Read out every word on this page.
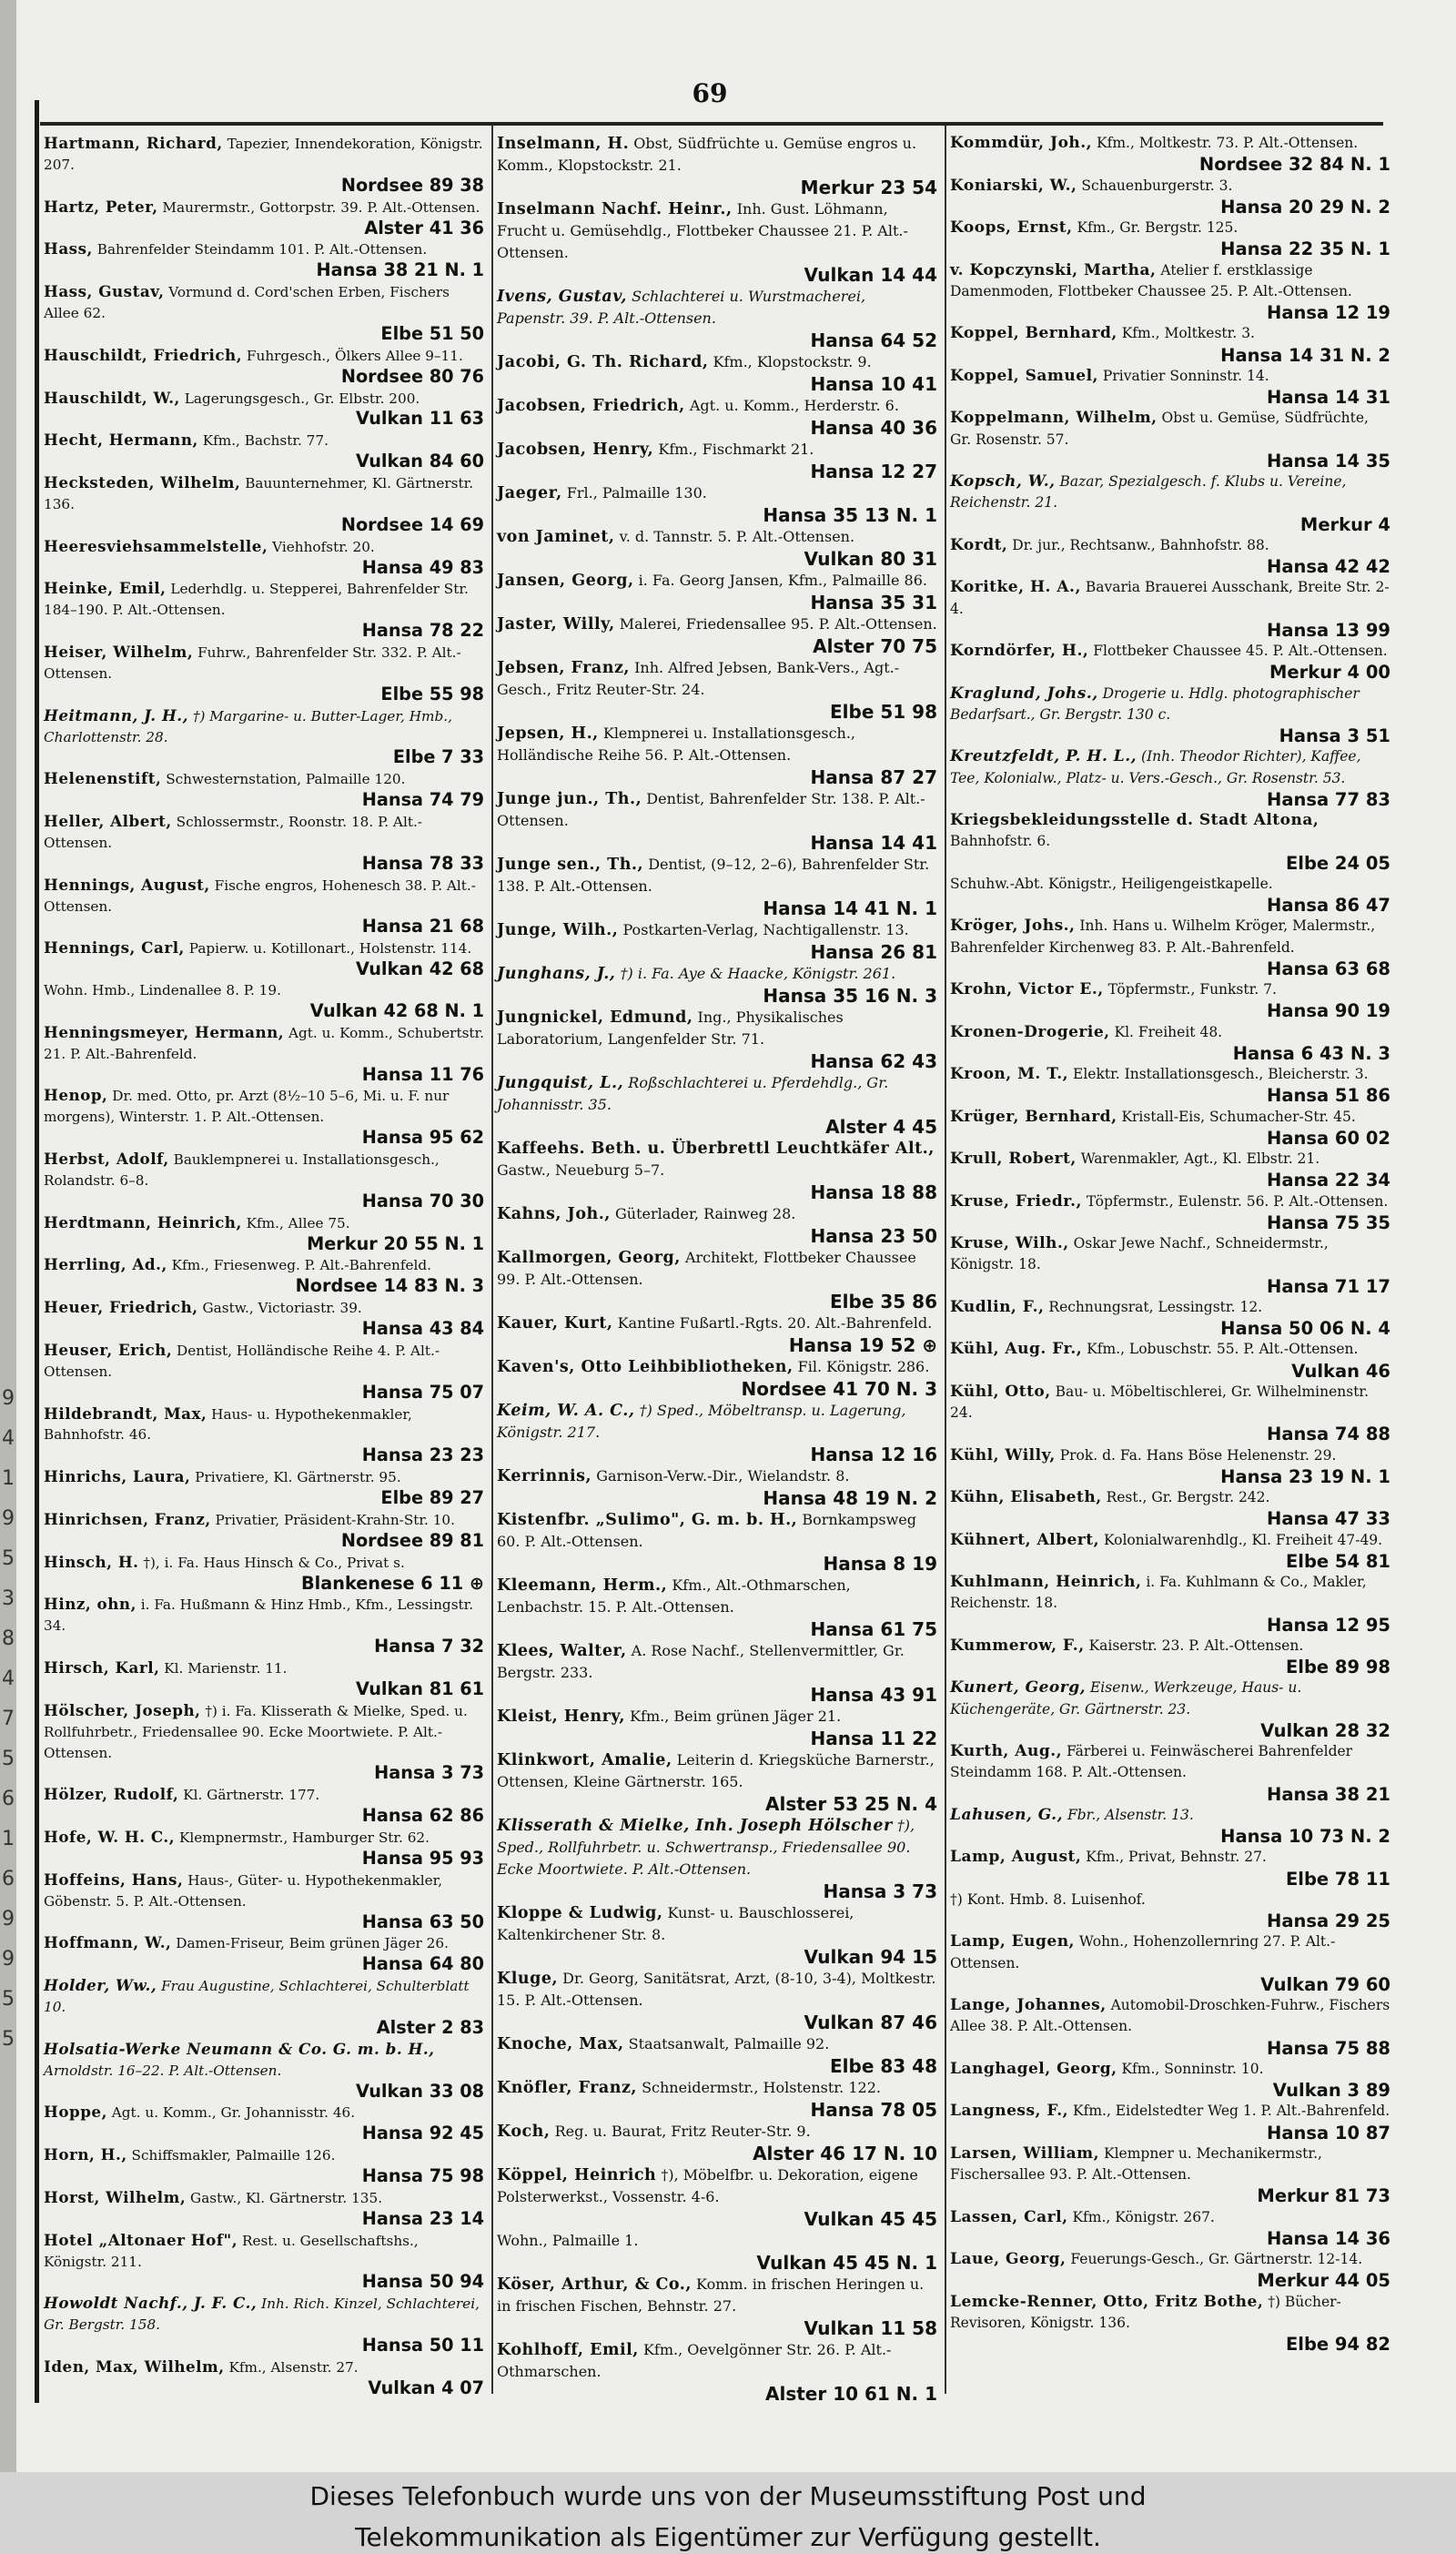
9
4
1
9
5
3
8
4
7
5
6
1
6
9
9
5
5
69
Hartmann, Richard, Tapezier, Innendekoration, Königstr. 207.
Nordsee 89 38
Hartz, Peter, Maurermstr., Gottorpstr. 39. P. Alt.-Ottensen.
Alster 41 36
Hass, Bahrenfelder Steindamm 101. P. Alt.-Ottensen.
Hansa 38 21 N. 1
Hass, Gustav, Vormund d. Cord'schen Erben, Fischers Allee 62.
Elbe 51 50
Hauschildt, Friedrich, Fuhrgesch., Ölkers Allee 9–11.
Nordsee 80 76
Hauschildt, W., Lagerungsgesch., Gr. Elbstr. 200.
Vulkan 11 63
Hecht, Hermann, Kfm., Bachstr. 77.
Vulkan 84 60
Hecksteden, Wilhelm, Bauunternehmer, Kl. Gärtnerstr. 136.
Nordsee 14 69
Heeresviehsammelstelle, Viehhofstr. 20.
Hansa 49 83
Heinke, Emil, Lederhdlg. u. Stepperei, Bahrenfelder Str. 184–190. P. Alt.-Ottensen.
Hansa 78 22
Heiser, Wilhelm, Fuhrw., Bahrenfelder Str. 332. P. Alt.-Ottensen.
Elbe 55 98
Heitmann, J. H., †) Margarine- u. Butter-Lager, Hmb., Charlottenstr. 28.
Elbe 7 33
Helenenstift, Schwesternstation, Palmaille 120.
Hansa 74 79
Heller, Albert, Schlossermstr., Roonstr. 18. P. Alt.-Ottensen.
Hansa 78 33
Hennings, August, Fische engros, Hohenesch 38. P. Alt.-Ottensen.
Hansa 21 68
Hennings, Carl, Papierw. u. Kotillonart., Holstenstr. 114.
Vulkan 42 68
Wohn. Hmb., Lindenallee 8. P. 19.
Vulkan 42 68 N. 1
Henningsmeyer, Hermann, Agt. u. Komm., Schubertstr. 21. P. Alt.-Bahrenfeld.
Hansa 11 76
Henop, Dr. med. Otto, pr. Arzt (8½–10 5–6, Mi. u. F. nur morgens), Winterstr. 1. P. Alt.-Ottensen.
Hansa 95 62
Herbst, Adolf, Bauklempnerei u. Installationsgesch., Rolandstr. 6–8.
Hansa 70 30
Herdtmann, Heinrich, Kfm., Allee 75.
Merkur 20 55 N. 1
Herrling, Ad., Kfm., Friesenweg. P. Alt.-Bahrenfeld.
Nordsee 14 83 N. 3
Heuer, Friedrich, Gastw., Victoriastr. 39.
Hansa 43 84
Heuser, Erich, Dentist, Holländische Reihe 4. P. Alt.-Ottensen.
Hansa 75 07
Hildebrandt, Max, Haus- u. Hypothekenmakler, Bahnhofstr. 46.
Hansa 23 23
Hinrichs, Laura, Privatiere, Kl. Gärtnerstr. 95.
Elbe 89 27
Hinrichsen, Franz, Privatier, Präsident-Krahn-Str. 10.
Nordsee 89 81
Hinsch, H. †), i. Fa. Haus Hinsch & Co., Privat s.
Blankenese 6 11 ⊕
Hinz, ohn, i. Fa. Hußmann & Hinz Hmb., Kfm., Lessingstr. 34.
Hansa 7 32
Hirsch, Karl, Kl. Marienstr. 11.
Vulkan 81 61
Hölscher, Joseph, †) i. Fa. Klisserath & Mielke, Sped. u. Rollfuhrbetr., Friedensallee 90. Ecke Moortwiete. P. Alt.-Ottensen.
Hansa 3 73
Hölzer, Rudolf, Kl. Gärtnerstr. 177.
Hansa 62 86
Hofe, W. H. C., Klempnermstr., Hamburger Str. 62.
Hansa 95 93
Hoffeins, Hans, Haus-, Güter- u. Hypothekenmakler, Göbenstr. 5. P. Alt.-Ottensen.
Hansa 63 50
Hoffmann, W., Damen-Friseur, Beim grünen Jäger 26.
Hansa 64 80
Holder, Ww., Frau Augustine, Schlachterei, Schulterblatt 10.
Alster 2 83
Holsatia-Werke Neumann & Co. G. m. b. H., Arnoldstr. 16–22. P. Alt.-Ottensen.
Vulkan 33 08
Hoppe, Agt. u. Komm., Gr. Johannisstr. 46.
Hansa 92 45
Horn, H., Schiffsmakler, Palmaille 126.
Hansa 75 98
Horst, Wilhelm, Gastw., Kl. Gärtnerstr. 135.
Hansa 23 14
Hotel „Altonaer Hof", Rest. u. Gesellschaftshs., Königstr. 211.
Hansa 50 94
Howoldt Nachf., J. F. C., Inh. Rich. Kinzel, Schlachterei, Gr. Bergstr. 158.
Hansa 50 11
Iden, Max, Wilhelm, Kfm., Alsenstr. 27.
Vulkan 4 07
Inselmann, H. Obst, Südfrüchte u. Gemüse engros u. Komm., Klopstockstr. 21.
Merkur 23 54
Inselmann Nachf. Heinr., Inh. Gust. Löhmann, Frucht u. Gemüsehdlg., Flottbeker Chaussee 21. P. Alt.-Ottensen.
Vulkan 14 44
Ivens, Gustav, Schlachterei u. Wurstmacherei, Papenstr. 39. P. Alt.-Ottensen.
Hansa 64 52
Jacobi, G. Th. Richard, Kfm., Klopstockstr. 9.
Hansa 10 41
Jacobsen, Friedrich, Agt. u. Komm., Herderstr. 6.
Hansa 40 36
Jacobsen, Henry, Kfm., Fischmarkt 21.
Hansa 12 27
Jaeger, Frl., Palmaille 130.
Hansa 35 13 N. 1
von Jaminet, v. d. Tannstr. 5. P. Alt.-Ottensen.
Vulkan 80 31
Jansen, Georg, i. Fa. Georg Jansen, Kfm., Palmaille 86.
Hansa 35 31
Jaster, Willy, Malerei, Friedensallee 95. P. Alt.-Ottensen.
Alster 70 75
Jebsen, Franz, Inh. Alfred Jebsen, Bank-Vers., Agt.-Gesch., Fritz Reuter-Str. 24.
Elbe 51 98
Jepsen, H., Klempnerei u. Installationsgesch., Holländische Reihe 56. P. Alt.-Ottensen.
Hansa 87 27
Junge jun., Th., Dentist, Bahrenfelder Str. 138. P. Alt.-Ottensen.
Hansa 14 41
Junge sen., Th., Dentist, (9–12, 2–6), Bahrenfelder Str. 138. P. Alt.-Ottensen.
Hansa 14 41 N. 1
Junge, Wilh., Postkarten-Verlag, Nachtigallenstr. 13.
Hansa 26 81
Junghans, J., †) i. Fa. Aye & Haacke, Königstr. 261.
Hansa 35 16 N. 3
Jungnickel, Edmund, Ing., Physikalisches Laboratorium, Langenfelder Str. 71.
Hansa 62 43
Jungquist, L., Roßschlachterei u. Pferdehdlg., Gr. Johannisstr. 35.
Alster 4 45
Kaffeehs. Beth. u. Überbrettl Leuchtkäfer Alt., Gastw., Neueburg 5–7.
Hansa 18 88
Kahns, Joh., Güterlader, Rainweg 28.
Hansa 23 50
Kallmorgen, Georg, Architekt, Flottbeker Chaussee 99. P. Alt.-Ottensen.
Elbe 35 86
Kauer, Kurt, Kantine Fußartl.-Rgts. 20. Alt.-Bahrenfeld.
Hansa 19 52 ⊕
Kaven's, Otto Leihbibliotheken, Fil. Königstr. 286.
Nordsee 41 70 N. 3
Keim, W. A. C., †) Sped., Möbeltransp. u. Lagerung, Königstr. 217.
Hansa 12 16
Kerrinnis, Garnison-Verw.-Dir., Wielandstr. 8.
Hansa 48 19 N. 2
Kistenfbr. „Sulimo", G. m. b. H., Bornkampsweg 60. P. Alt.-Ottensen.
Hansa 8 19
Kleemann, Herm., Kfm., Alt.-Othmarschen, Lenbachstr. 15. P. Alt.-Ottensen.
Hansa 61 75
Klees, Walter, A. Rose Nachf., Stellenvermittler, Gr. Bergstr. 233.
Hansa 43 91
Kleist, Henry, Kfm., Beim grünen Jäger 21.
Hansa 11 22
Klinkwort, Amalie, Leiterin d. Kriegsküche Barnerstr., Ottensen, Kleine Gärtnerstr. 165.
Alster 53 25 N. 4
Klisserath & Mielke, Inh. Joseph Hölscher †), Sped., Rollfuhrbetr. u. Schwertransp., Friedensallee 90. Ecke Moortwiete. P. Alt.-Ottensen.
Hansa 3 73
Kloppe & Ludwig, Kunst- u. Bauschlosserei, Kaltenkirchener Str. 8.
Vulkan 94 15
Kluge, Dr. Georg, Sanitätsrat, Arzt, (8-10, 3-4), Moltkestr. 15. P. Alt.-Ottensen.
Vulkan 87 46
Knoche, Max, Staatsanwalt, Palmaille 92.
Elbe 83 48
Knöfler, Franz, Schneidermstr., Holstenstr. 122.
Hansa 78 05
Koch, Reg. u. Baurat, Fritz Reuter-Str. 9.
Alster 46 17 N. 10
Köppel, Heinrich †), Möbelfbr. u. Dekoration, eigene Polsterwerkst., Vossenstr. 4-6.
Vulkan 45 45
Wohn., Palmaille 1.
Vulkan 45 45 N. 1
Köser, Arthur, & Co., Komm. in frischen Heringen u. in frischen Fischen, Behnstr. 27.
Vulkan 11 58
Kohlhoff, Emil, Kfm., Oevelgönner Str. 26. P. Alt.-Othmarschen.
Alster 10 61 N. 1
Kommdür, Joh., Kfm., Moltkestr. 73. P. Alt.-Ottensen.
Nordsee 32 84 N. 1
Koniarski, W., Schauenburgerstr. 3.
Hansa 20 29 N. 2
Koops, Ernst, Kfm., Gr. Bergstr. 125.
Hansa 22 35 N. 1
v. Kopczynski, Martha, Atelier f. erstklassige Damenmoden, Flottbeker Chaussee 25. P. Alt.-Ottensen.
Hansa 12 19
Koppel, Bernhard, Kfm., Moltkestr. 3.
Hansa 14 31 N. 2
Koppel, Samuel, Privatier Sonninstr. 14.
Hansa 14 31
Koppelmann, Wilhelm, Obst u. Gemüse, Südfrüchte, Gr. Rosenstr. 57.
Hansa 14 35
Kopsch, W., Bazar, Spezialgesch. f. Klubs u. Vereine, Reichenstr. 21.
Merkur 4
Kordt, Dr. jur., Rechtsanw., Bahnhofstr. 88.
Hansa 42 42
Koritke, H. A., Bavaria Brauerei Ausschank, Breite Str. 2-4.
Hansa 13 99
Korndörfer, H., Flottbeker Chaussee 45. P. Alt.-Ottensen.
Merkur 4 00
Kraglund, Johs., Drogerie u. Hdlg. photographischer Bedarfsart., Gr. Bergstr. 130 c.
Hansa 3 51
Kreutzfeldt, P. H. L., (Inh. Theodor Richter), Kaffee, Tee, Kolonialw., Platz- u. Vers.-Gesch., Gr. Rosenstr. 53.
Hansa 77 83
Kriegsbekleidungsstelle d. Stadt Altona, Bahnhofstr. 6.
Elbe 24 05
Schuhw.-Abt. Königstr., Heiligengeistkapelle.
Hansa 86 47
Kröger, Johs., Inh. Hans u. Wilhelm Kröger, Malermstr., Bahrenfelder Kirchenweg 83. P. Alt.-Bahrenfeld.
Hansa 63 68
Krohn, Victor E., Töpfermstr., Funkstr. 7.
Hansa 90 19
Kronen-Drogerie, Kl. Freiheit 48.
Hansa 6 43 N. 3
Kroon, M. T., Elektr. Installationsgesch., Bleicherstr. 3.
Hansa 51 86
Krüger, Bernhard, Kristall-Eis, Schumacher-Str. 45.
Hansa 60 02
Krull, Robert, Warenmakler, Agt., Kl. Elbstr. 21.
Hansa 22 34
Kruse, Friedr., Töpfermstr., Eulenstr. 56. P. Alt.-Ottensen.
Hansa 75 35
Kruse, Wilh., Oskar Jewe Nachf., Schneidermstr., Königstr. 18.
Hansa 71 17
Kudlin, F., Rechnungsrat, Lessingstr. 12.
Hansa 50 06 N. 4
Kühl, Aug. Fr., Kfm., Lobuschstr. 55. P. Alt.-Ottensen.
Vulkan 46
Kühl, Otto, Bau- u. Möbeltischlerei, Gr. Wilhelminenstr. 24.
Hansa 74 88
Kühl, Willy, Prok. d. Fa. Hans Böse Helenenstr. 29.
Hansa 23 19 N. 1
Kühn, Elisabeth, Rest., Gr. Bergstr. 242.
Hansa 47 33
Kühnert, Albert, Kolonialwarenhdlg., Kl. Freiheit 47-49.
Elbe 54 81
Kuhlmann, Heinrich, i. Fa. Kuhlmann & Co., Makler, Reichenstr. 18.
Hansa 12 95
Kummerow, F., Kaiserstr. 23. P. Alt.-Ottensen.
Elbe 89 98
Kunert, Georg, Eisenw., Werkzeuge, Haus- u. Küchengeräte, Gr. Gärtnerstr. 23.
Vulkan 28 32
Kurth, Aug., Färberei u. Feinwäscherei Bahrenfelder Steindamm 168. P. Alt.-Ottensen.
Hansa 38 21
Lahusen, G., Fbr., Alsenstr. 13.
Hansa 10 73 N. 2
Lamp, August, Kfm., Privat, Behnstr. 27.
Elbe 78 11
†) Kont. Hmb. 8. Luisenhof.
Hansa 29 25
Lamp, Eugen, Wohn., Hohenzollernring 27. P. Alt.-Ottensen.
Vulkan 79 60
Lange, Johannes, Automobil-Droschken-Fuhrw., Fischers Allee 38. P. Alt.-Ottensen.
Hansa 75 88
Langhagel, Georg, Kfm., Sonninstr. 10.
Vulkan 3 89
Langness, F., Kfm., Eidelstedter Weg 1. P. Alt.-Bahrenfeld.
Hansa 10 87
Larsen, William, Klempner u. Mechanikermstr., Fischersallee 93. P. Alt.-Ottensen.
Merkur 81 73
Lassen, Carl, Kfm., Königstr. 267.
Hansa 14 36
Laue, Georg, Feuerungs-Gesch., Gr. Gärtnerstr. 12-14.
Merkur 44 05
Lemcke-Renner, Otto, Fritz Bothe, †) Bücher-Revisoren, Königstr. 136.
Elbe 94 82

Dieses Telefonbuch wurde uns von der Museumsstiftung Post und

Telekommunikation als Eigentümer zur Verfügung gestellt.
